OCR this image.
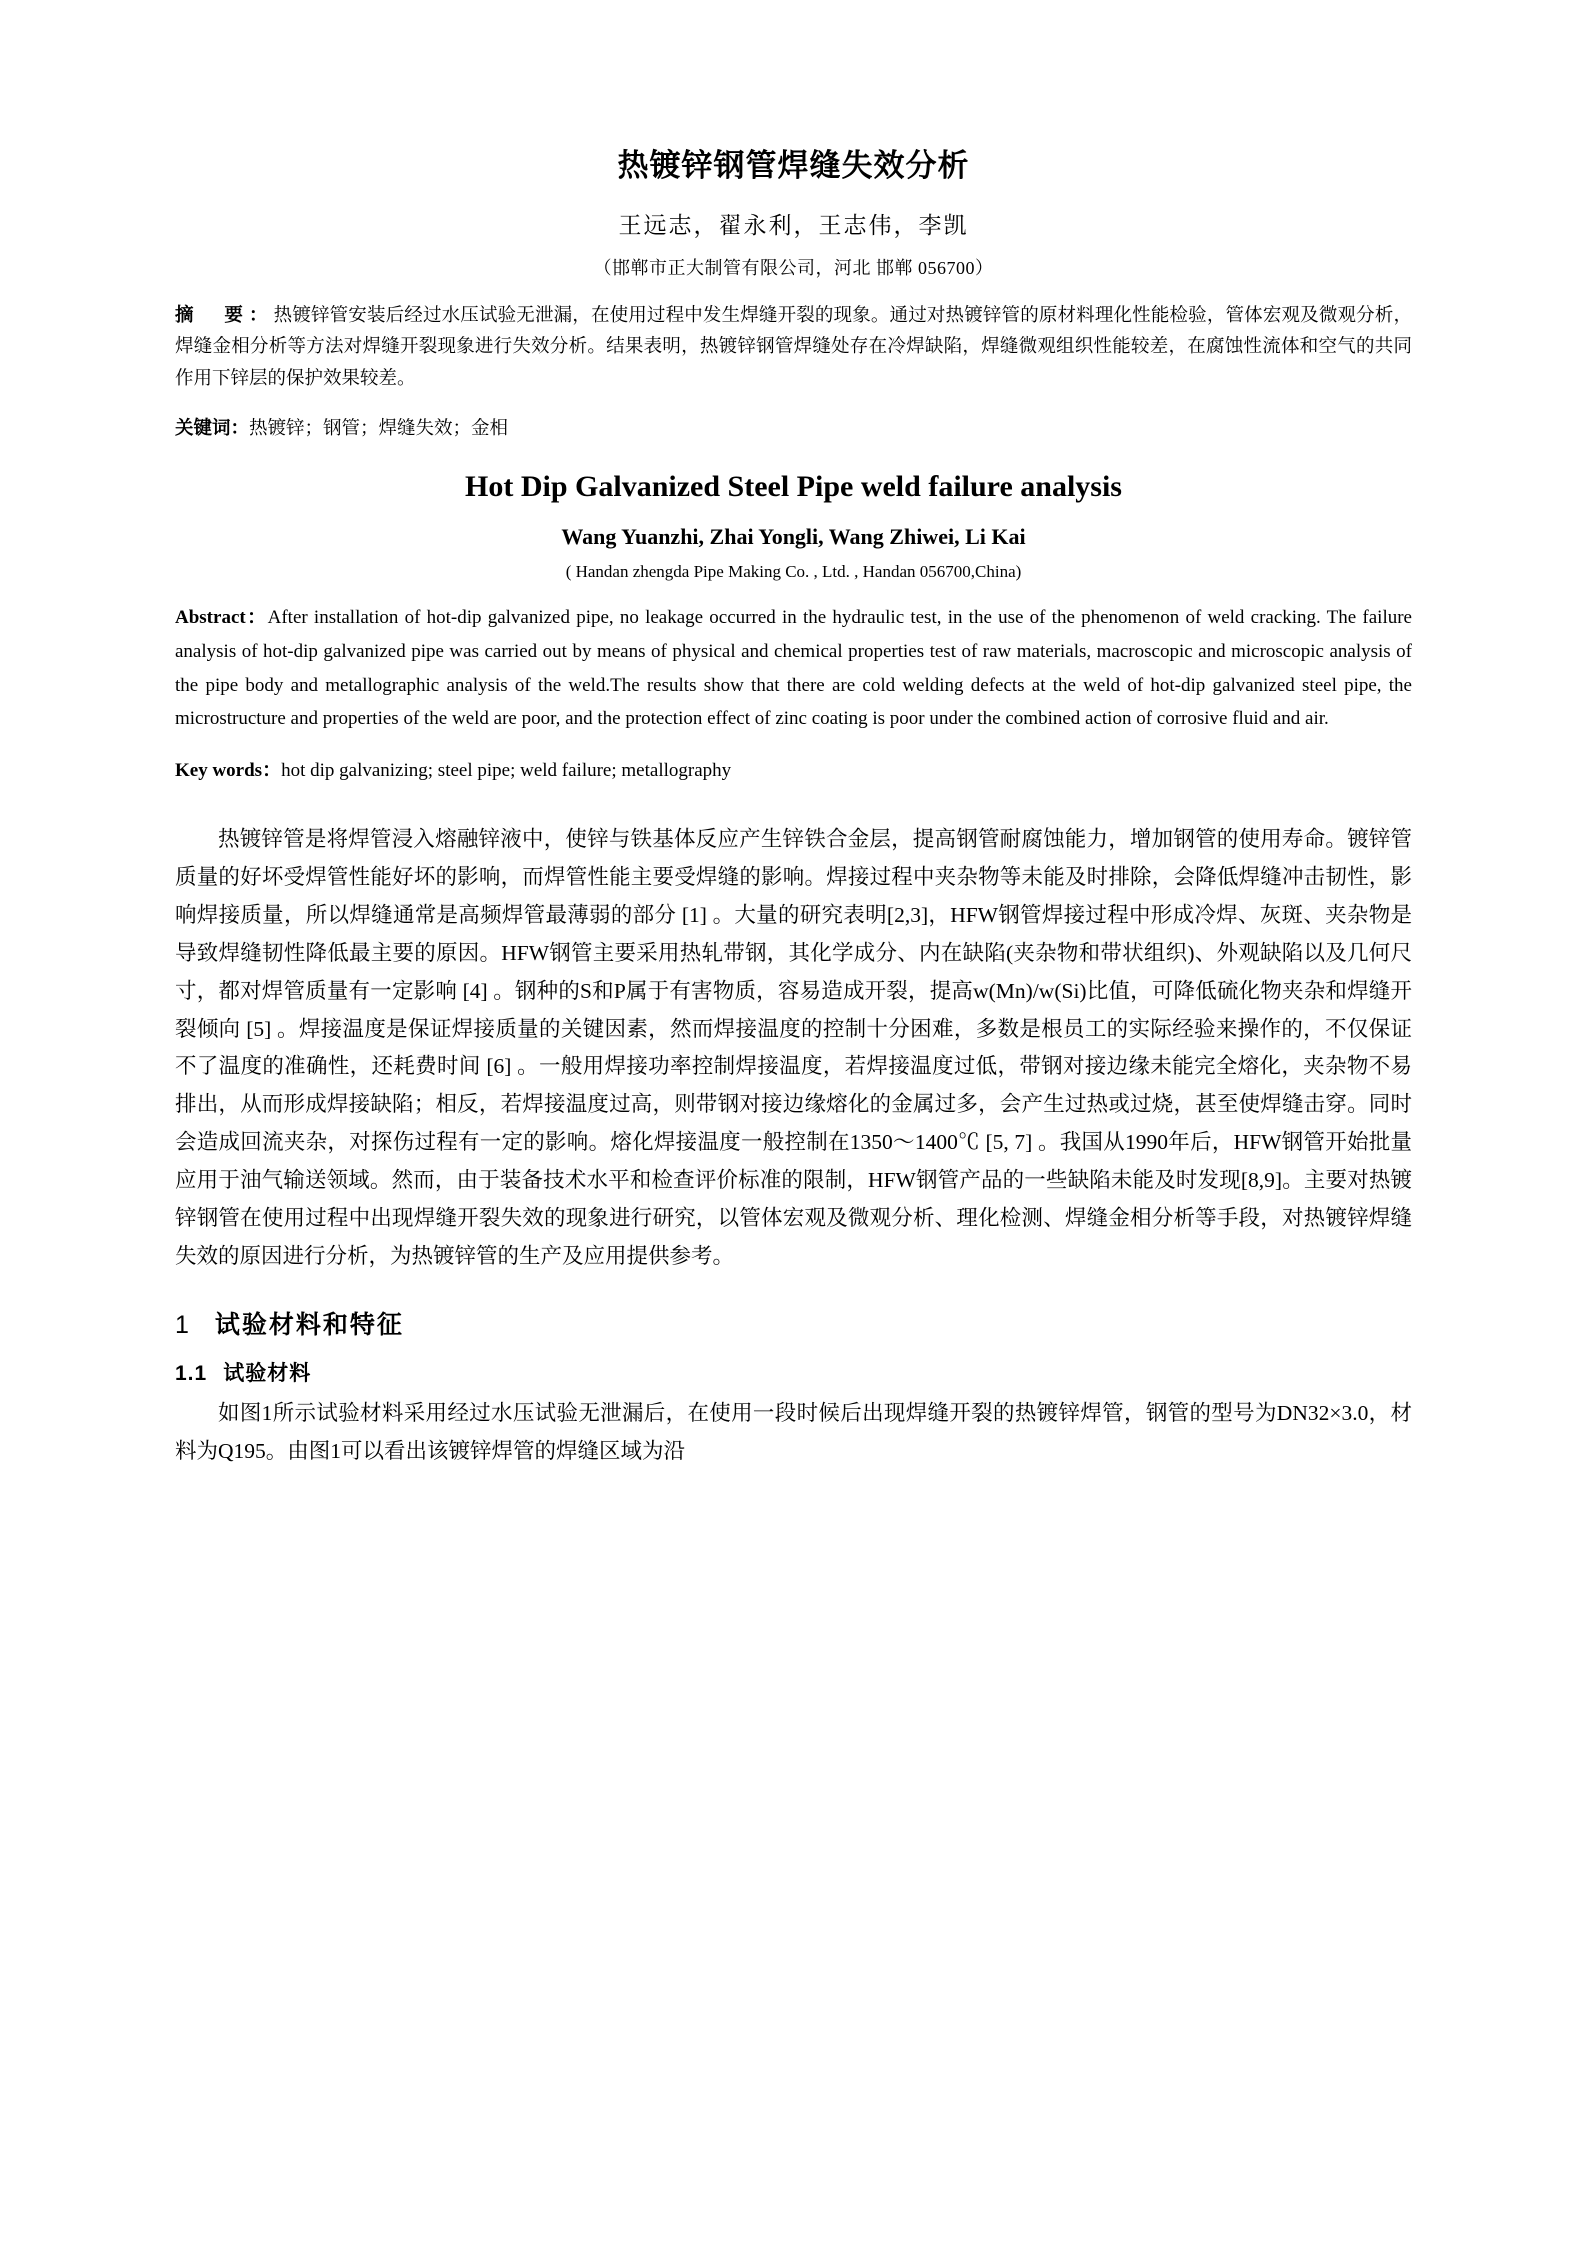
热镀锌钢管焊缝失效分析
王远志，翟永利，王志伟，李凯
（邯郸市正大制管有限公司，河北 邯郸 056700）

摘　要：热镀锌管安装后经过水压试验无泄漏，在使用过程中发生焊缝开裂的现象。通过对热镀锌管的原材料理化性能检验，管体宏观及微观分析，焊缝金相分析等方法对焊缝开裂现象进行失效分析。结果表明，热镀锌钢管焊缝处存在冷焊缺陷，焊缝微观组织性能较差，在腐蚀性流体和空气的共同作用下锌层的保护效果较差。

关键词：热镀锌；钢管；焊缝失效；金相

Hot Dip Galvanized Steel Pipe weld failure analysis
Wang Yuanzhi, Zhai Yongli, Wang Zhiwei, Li Kai
( Handan zhengda Pipe Making Co. , Ltd. , Handan 056700,China)

Abstract：After installation of hot-dip galvanized pipe, no leakage occurred in the hydraulic test, in the use of the phenomenon of weld cracking. The failure analysis of hot-dip galvanized pipe was carried out by means of physical and chemical properties test of raw materials, macroscopic and microscopic analysis of the pipe body and metallographic analysis of the weld.The results show that there are cold welding defects at the weld of hot-dip galvanized steel pipe, the microstructure and properties of the weld are poor, and the protection effect of zinc coating is poor under the combined action of corrosive fluid and air.

Key words：hot dip galvanizing; steel pipe; weld failure; metallography

热镀锌管是将焊管浸入熔融锌液中，使锌与铁基体反应产生锌铁合金层，提高钢管耐腐蚀能力，增加钢管的使用寿命。镀锌管质量的好坏受焊管性能好坏的影响，而焊管性能主要受焊缝的影响。焊接过程中夹杂物等未能及时排除，会降低焊缝冲击韧性，影响焊接质量，所以焊缝通常是高频焊管最薄弱的部分 [1] 。大量的研究表明[2,3]，HFW钢管焊接过程中形成冷焊、灰斑、夹杂物是导致焊缝韧性降低最主要的原因。HFW钢管主要采用热轧带钢，其化学成分、内在缺陷(夹杂物和带状组织)、外观缺陷以及几何尺寸，都对焊管质量有一定影响 [4] 。钢种的S和P属于有害物质，容易造成开裂，提高w(Mn)/w(Si)比值，可降低硫化物夹杂和焊缝开裂倾向 [5] 。焊接温度是保证焊接质量的关键因素，然而焊接温度的控制十分困难，多数是根员工的实际经验来操作的，不仅保证不了温度的准确性，还耗费时间 [6] 。一般用焊接功率控制焊接温度，若焊接温度过低，带钢对接边缘未能完全熔化，夹杂物不易排出，从而形成焊接缺陷；相反，若焊接温度过高，则带钢对接边缘熔化的金属过多，会产生过热或过烧，甚至使焊缝击穿。同时会造成回流夹杂，对探伤过程有一定的影响。熔化焊接温度一般控制在1350～1400℃ [5, 7] 。我国从1990年后，HFW钢管开始批量应用于油气输送领域。然而，由于装备技术水平和检查评价标准的限制，HFW钢管产品的一些缺陷未能及时发现[8,9]。主要对热镀锌钢管在使用过程中出现焊缝开裂失效的现象进行研究，以管体宏观及微观分析、理化检测、焊缝金相分析等手段，对热镀锌焊缝失效的原因进行分析，为热镀锌管的生产及应用提供参考。

1 试验材料和特征
1.1 试验材料

如图1所示试验材料采用经过水压试验无泄漏后，在使用一段时候后出现焊缝开裂的热镀锌焊管，钢管的型号为DN32×3.0，材料为Q195。由图1可以看出该镀锌焊管的焊缝区域为沿
